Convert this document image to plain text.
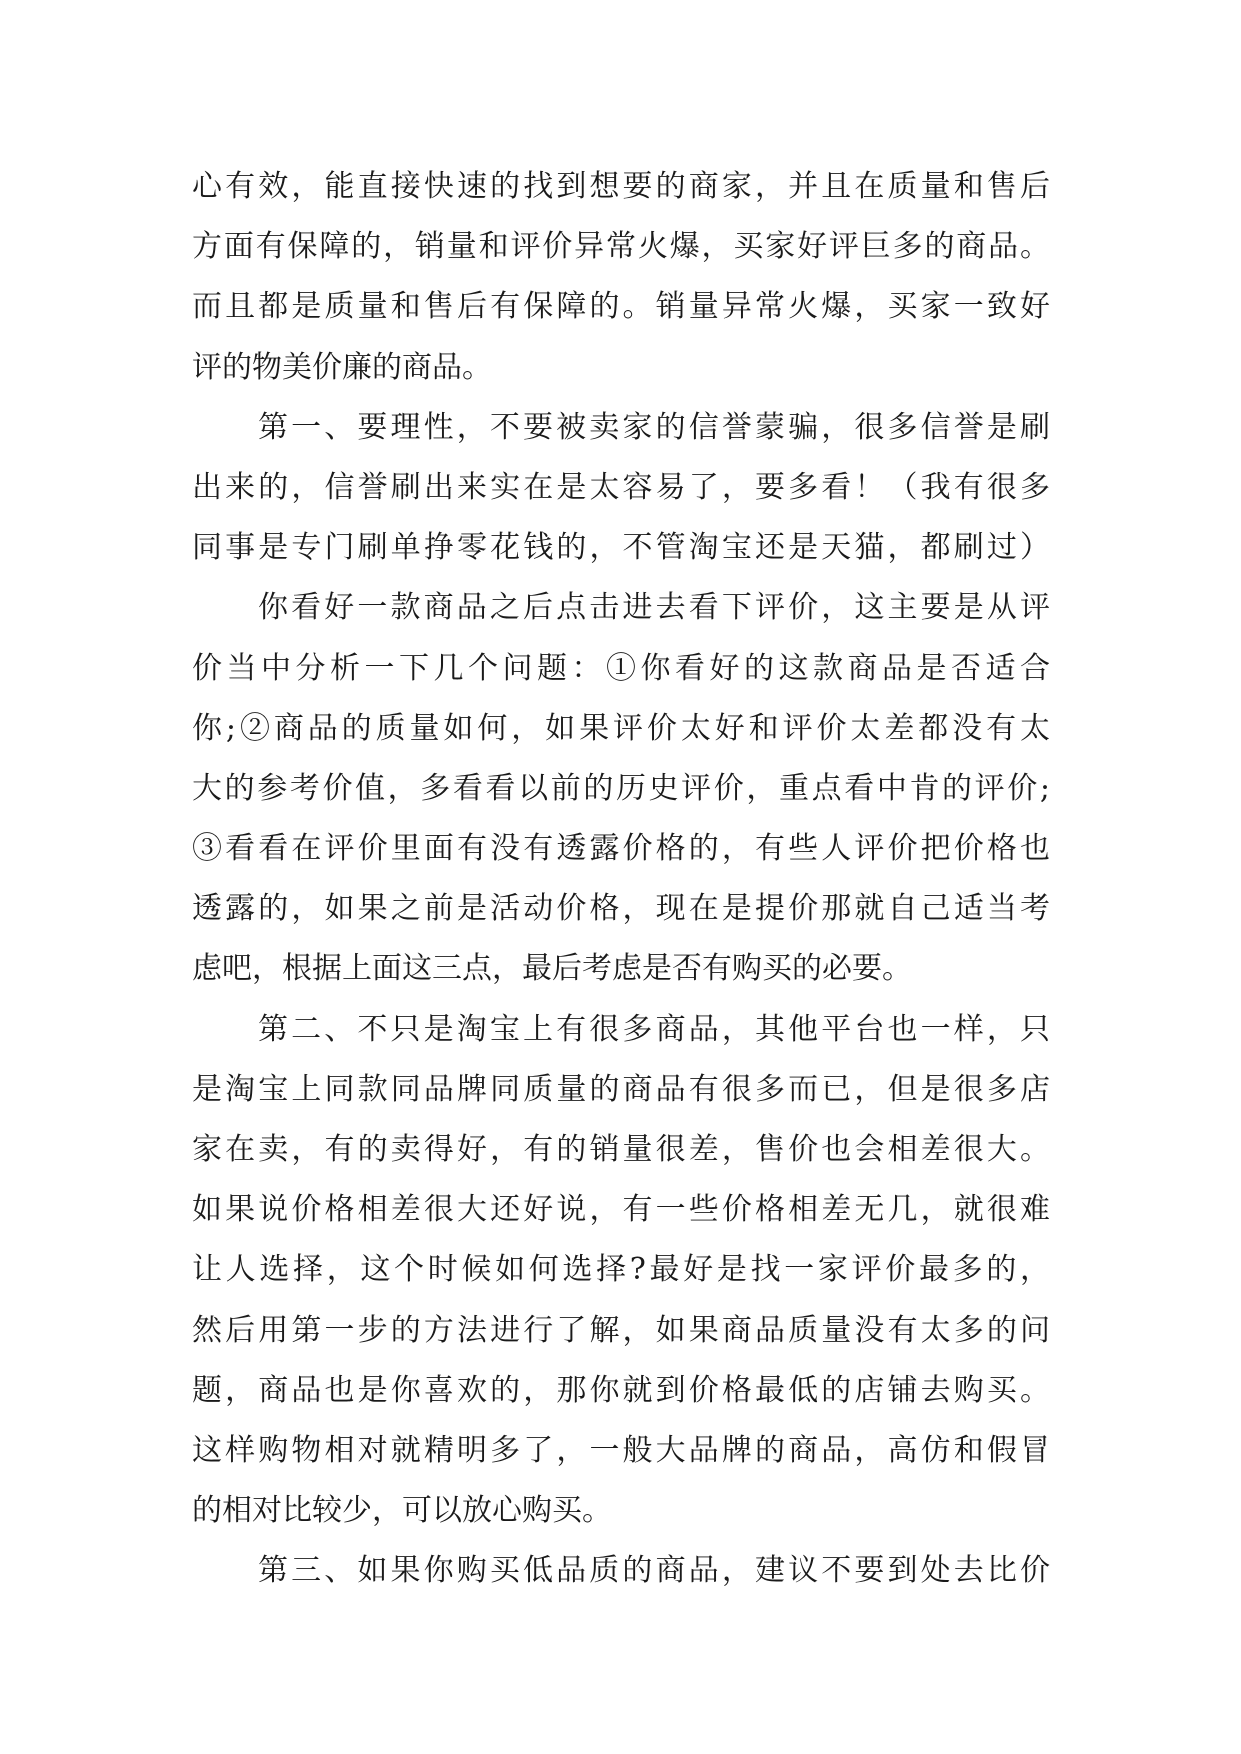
心有效，能直接快速的找到想要的商家，并且在质量和售后
方面有保障的，销量和评价异常火爆，买家好评巨多的商品。
而且都是质量和售后有保障的。销量异常火爆，买家一致好
评的物美价廉的商品。
第一、要理性，不要被卖家的信誉蒙骗，很多信誉是刷
出来的，信誉刷出来实在是太容易了，要多看！（我有很多
同事是专门刷单挣零花钱的，不管淘宝还是天猫，都刷过）
你看好一款商品之后点击进去看下评价，这主要是从评
价当中分析一下几个问题：①你看好的这款商品是否适合
你;②商品的质量如何，如果评价太好和评价太差都没有太
大的参考价值，多看看以前的历史评价，重点看中肯的评价;
③看看在评价里面有没有透露价格的，有些人评价把价格也
透露的，如果之前是活动价格，现在是提价那就自己适当考
虑吧，根据上面这三点，最后考虑是否有购买的必要。
第二、不只是淘宝上有很多商品，其他平台也一样，只
是淘宝上同款同品牌同质量的商品有很多而已，但是很多店
家在卖，有的卖得好，有的销量很差，售价也会相差很大。
如果说价格相差很大还好说，有一些价格相差无几，就很难
让人选择，这个时候如何选择?最好是找一家评价最多的，
然后用第一步的方法进行了解，如果商品质量没有太多的问
题，商品也是你喜欢的，那你就到价格最低的店铺去购买。
这样购物相对就精明多了，一般大品牌的商品，高仿和假冒
的相对比较少，可以放心购买。
第三、如果你购买低品质的商品，建议不要到处去比价
